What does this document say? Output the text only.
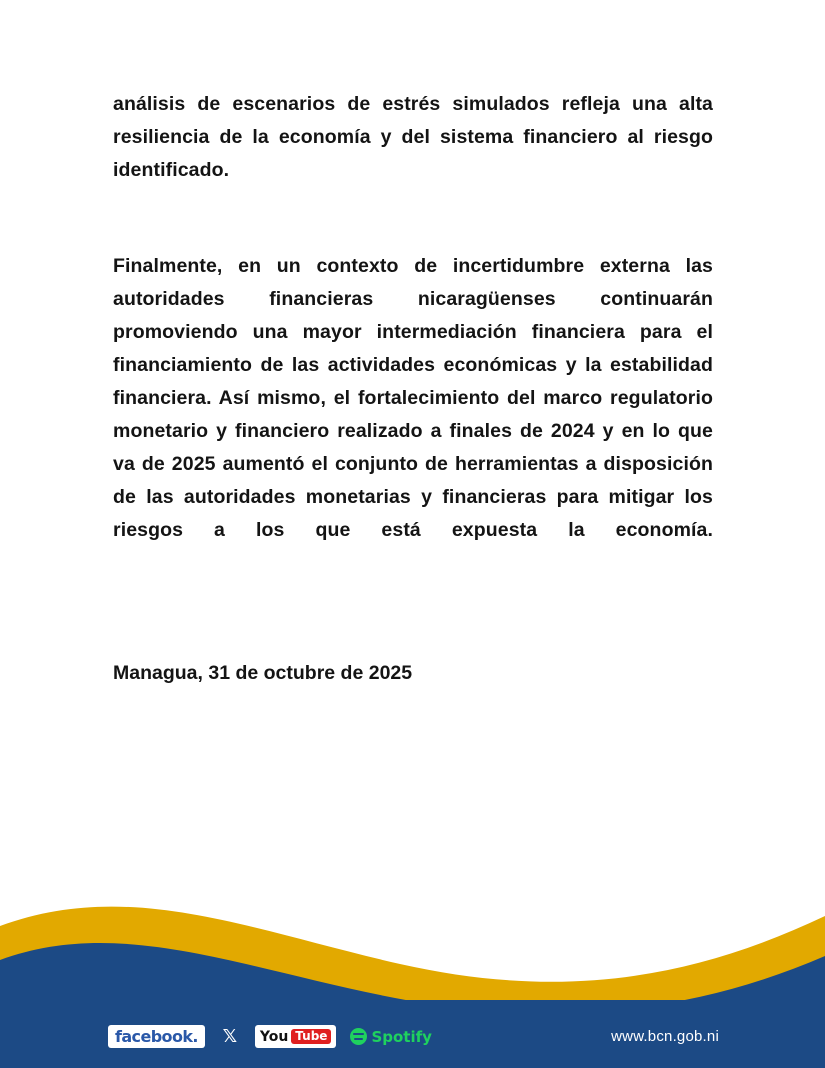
análisis de escenarios de estrés simulados refleja una alta resiliencia de la economía y del sistema financiero al riesgo identificado.

Finalmente, en un contexto de incertidumbre externa las autoridades financieras nicaragüenses continuarán promoviendo una mayor intermediación financiera para el financiamiento de las actividades económicas y la estabilidad financiera. Así mismo, el fortalecimiento del marco regulatorio monetario y financiero realizado a finales de 2024 y en lo que va de 2025 aumentó el conjunto de herramientas a disposición de las autoridades monetarias y financieras para mitigar los riesgos a los que está expuesta la economía.

Managua, 31 de octubre de 2025

facebook.	𝕏	You Tube	Spotify	www.bcn.gob.ni
